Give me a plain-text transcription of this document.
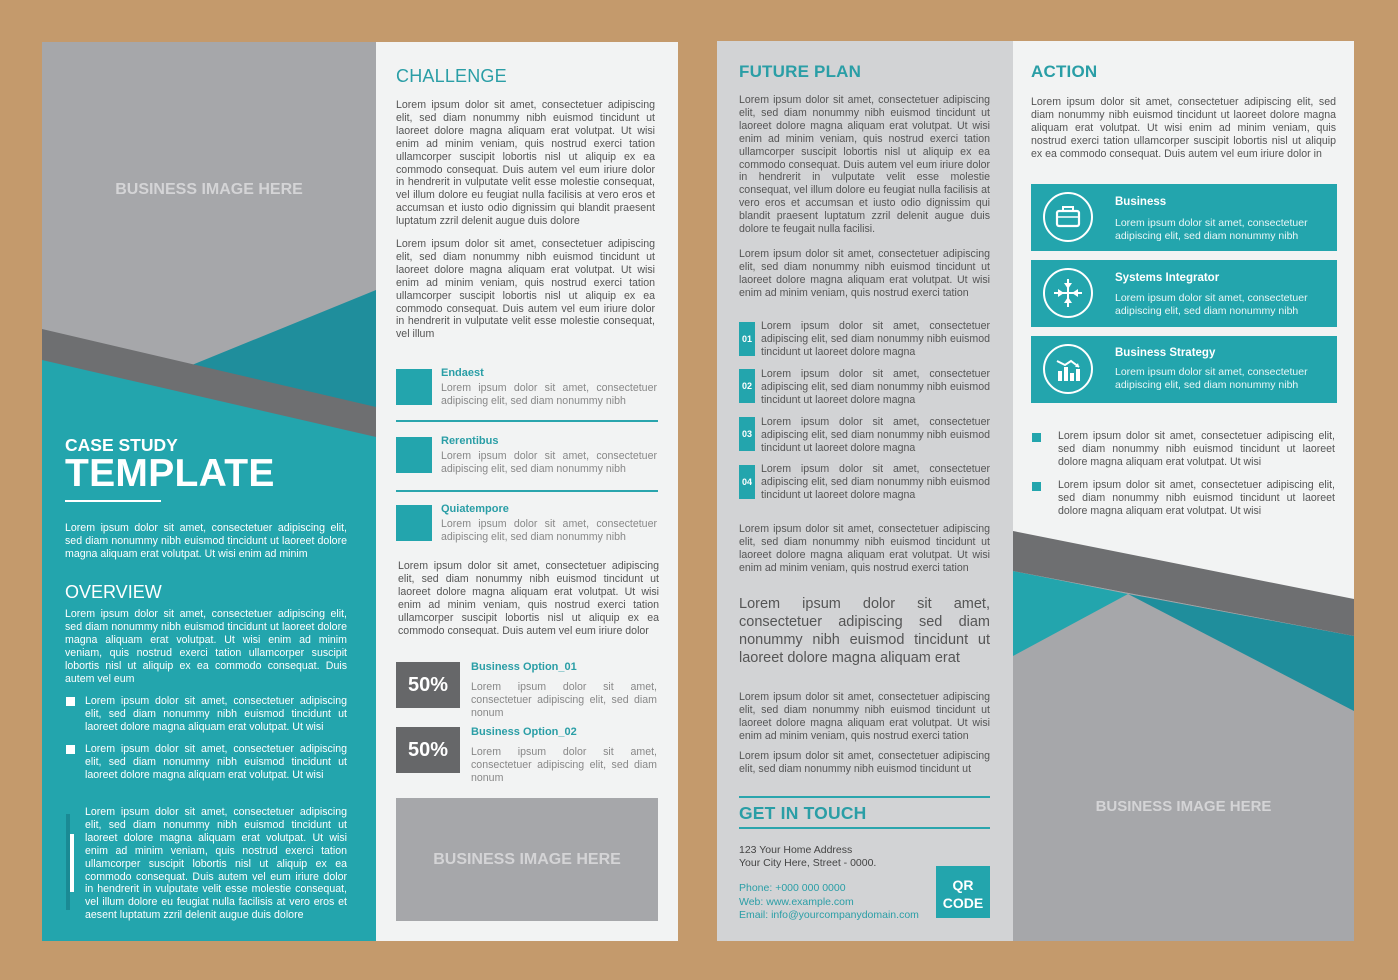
BUSINESS IMAGE HERE
CASE STUDY
TEMPLATE

Lorem ipsum dolor sit amet, consectetuer adipiscing elit, sed diam nonummy nibh euismod tincidunt ut laoreet dolore magna aliquam erat volutpat. Ut wisi enim ad minim

OVERVIEW

Lorem ipsum dolor sit amet, consectetuer adipiscing elit, sed diam nonummy nibh euismod tincidunt ut laoreet dolore magna aliquam erat volutpat. Ut wisi enim ad minim veniam, quis nostrud exerci tation ullamcorper suscipit lobortis nisl ut aliquip ex ea commodo consequat. Duis autem vel eum

Lorem ipsum dolor sit amet, consectetuer adipiscing elit, sed diam nonummy nibh euismod tincidunt ut laoreet dolore magna aliquam erat volutpat. Ut wisi

Lorem ipsum dolor sit amet, consectetuer adipiscing elit, sed diam nonummy nibh euismod tincidunt ut laoreet dolore magna aliquam erat volutpat. Ut wisi

Lorem ipsum dolor sit amet, consectetuer adipiscing elit, sed diam nonummy nibh euismod tincidunt ut laoreet dolore magna aliquam erat volutpat. Ut wisi enim ad minim veniam, quis nostrud exerci tation ullamcorper suscipit lobortis nisl ut aliquip ex ea commodo consequat. Duis autem vel eum iriure dolor in hendrerit in vulputate velit esse molestie consequat, vel illum dolore eu feugiat nulla facilisis at vero eros et aesent luptatum zzril delenit augue duis dolore

CHALLENGE

Lorem ipsum dolor sit amet, consectetuer adipiscing elit, sed diam nonummy nibh euismod tincidunt ut laoreet dolore magna aliquam erat volutpat. Ut wisi enim ad minim veniam, quis nostrud exerci tation ullamcorper suscipit lobortis nisl ut aliquip ex ea commodo consequat. Duis autem vel eum iriure dolor in hendrerit in vulputate velit esse molestie consequat, vel illum dolore eu feugiat nulla facilisis at vero eros et accumsan et iusto odio dignissim qui blandit praesent luptatum zzril delenit augue duis dolore

Lorem ipsum dolor sit amet, consectetuer adipiscing elit, sed diam nonummy nibh euismod tincidunt ut laoreet dolore magna aliquam erat volutpat. Ut wisi enim ad minim veniam, quis nostrud exerci tation ullamcorper suscipit lobortis nisl ut aliquip ex ea commodo consequat. Duis autem vel eum iriure dolor in hendrerit in vulputate velit esse molestie consequat, vel illum

Endaest

Lorem ipsum dolor sit amet, consectetuer adipiscing elit, sed diam nonummy nibh

Rerentibus

Lorem ipsum dolor sit amet, consectetuer adipiscing elit, sed diam nonummy nibh

Quiatempore

Lorem ipsum dolor sit amet, consectetuer adipiscing elit, sed diam nonummy nibh

Lorem ipsum dolor sit amet, consectetuer adipiscing elit, sed diam nonummy nibh euismod tincidunt ut laoreet dolore magna aliquam erat volutpat. Ut wisi enim ad minim veniam, quis nostrud exerci tation ullamcorper suscipit lobortis nisl ut aliquip ex ea commodo consequat. Duis autem vel eum iriure dolor

50%
Business Option_01

Lorem ipsum dolor sit amet, consectetuer adipiscing elit, sed diam nonum

50%
Business Option_02

Lorem ipsum dolor sit amet, consectetuer adipiscing elit, sed diam nonum

BUSINESS IMAGE HERE
FUTURE PLAN

Lorem ipsum dolor sit amet, consectetuer adipiscing elit, sed diam nonummy nibh euismod tincidunt ut laoreet dolore magna aliquam erat volutpat. Ut wisi enim ad minim veniam, quis nostrud exerci tation ullamcorper suscipit lobortis nisl ut aliquip ex ea commodo consequat. Duis autem vel eum iriure dolor in hendrerit in vulputate velit esse molestie consequat, vel illum dolore eu feugiat nulla facilisis at vero eros et accumsan et iusto odio dignissim qui blandit praesent luptatum zzril delenit augue duis dolore te feugait nulla facilisi.

Lorem ipsum dolor sit amet, consectetuer adipiscing elit, sed diam nonummy nibh euismod tincidunt ut laoreet dolore magna aliquam erat volutpat. Ut wisi enim ad minim veniam, quis nostrud exerci tation

01

Lorem ipsum dolor sit amet, consectetuer adipiscing elit, sed diam nonummy nibh euismod tincidunt ut laoreet dolore magna

02

Lorem ipsum dolor sit amet, consectetuer adipiscing elit, sed diam nonummy nibh euismod tincidunt ut laoreet dolore magna

03

Lorem ipsum dolor sit amet, consectetuer adipiscing elit, sed diam nonummy nibh euismod tincidunt ut laoreet dolore magna

04

Lorem ipsum dolor sit amet, consectetuer adipiscing elit, sed diam nonummy nibh euismod tincidunt ut laoreet dolore magna

Lorem ipsum dolor sit amet, consectetuer adipiscing elit, sed diam nonummy nibh euismod tincidunt ut laoreet dolore magna aliquam erat volutpat. Ut wisi enim ad minim veniam, quis nostrud exerci tation

Lorem ipsum dolor sit amet, consectetuer adipiscing sed diam nonummy nibh euismod tincidunt ut laoreet dolore magna aliquam erat

Lorem ipsum dolor sit amet, consectetuer adipiscing elit, sed diam nonummy nibh euismod tincidunt ut laoreet dolore magna aliquam erat volutpat. Ut wisi enim ad minim veniam, quis nostrud exerci tation

Lorem ipsum dolor sit amet, consectetuer adipiscing elit, sed diam nonummy nibh euismod tincidunt ut

GET IN TOUCH
123 Your Home Address
Your City Here, Street - 0000.
Phone: +000 000 0000
Web: www.example.com
Email: info@yourcompanydomain.com
QR
CODE
ACTION

Lorem ipsum dolor sit amet, consectetuer adipiscing elit, sed diam nonummy nibh euismod tincidunt ut laoreet dolore magna aliquam erat volutpat. Ut wisi enim ad minim veniam, quis nostrud exerci tation ullamcorper suscipit lobortis nisl ut aliquip ex ea commodo consequat. Duis autem vel eum iriure dolor in

Business

Lorem ipsum dolor sit amet, consectetuer adipiscing elit, sed diam nonummy nibh

Systems Integrator

Lorem ipsum dolor sit amet, consectetuer adipiscing elit, sed diam nonummy nibh

Business Strategy

Lorem ipsum dolor sit amet, consectetuer adipiscing elit, sed diam nonummy nibh

Lorem ipsum dolor sit amet, consectetuer adipiscing elit, sed diam nonummy nibh euismod tincidunt ut laoreet dolore magna aliquam erat volutpat. Ut wisi

Lorem ipsum dolor sit amet, consectetuer adipiscing elit, sed diam nonummy nibh euismod tincidunt ut laoreet dolore magna aliquam erat volutpat. Ut wisi

BUSINESS IMAGE HERE
